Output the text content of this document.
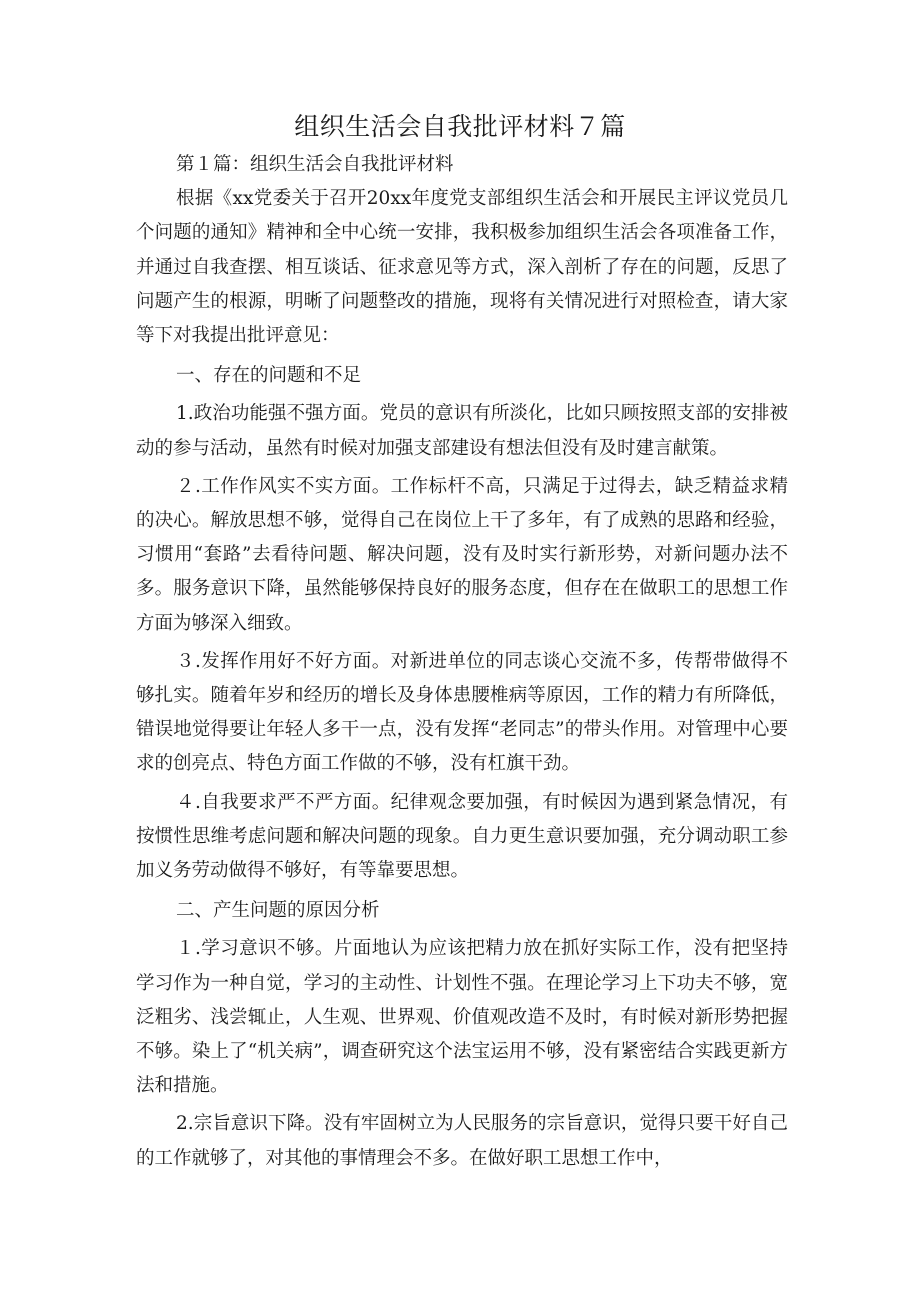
组织生活会自我批评材料７篇

第１篇：组织生活会自我批评材料

根据《xx党委关于召开20xx年度党支部组织生活会和开展民主评议党员几个问题的通知》精神和全中心统一安排，我积极参加组织生活会各项准备工作，并通过自我查摆、相互谈话、征求意见等方式，深入剖析了存在的问题，反思了问题产生的根源，明晰了问题整改的措施，现将有关情况进行对照检查，请大家等下对我提出批评意见：

一、存在的问题和不足

1.政治功能强不强方面。党员的意识有所淡化，比如只顾按照支部的安排被动的参与活动，虽然有时候对加强支部建设有想法但没有及时建言献策。

２.工作作风实不实方面。工作标杆不高，只满足于过得去，缺乏精益求精的决心。解放思想不够，觉得自己在岗位上干了多年，有了成熟的思路和经验，习惯用“套路”去看待问题、解决问题，没有及时实行新形势，对新问题办法不多。服务意识下降，虽然能够保持良好的服务态度，但存在在做职工的思想工作方面为够深入细致。

３.发挥作用好不好方面。对新进单位的同志谈心交流不多，传帮带做得不够扎实。随着年岁和经历的增长及身体患腰椎病等原因，工作的精力有所降低，错误地觉得要让年轻人多干一点，没有发挥“老同志”的带头作用。对管理中心要求的创亮点、特色方面工作做的不够，没有杠旗干劲。

４.自我要求严不严方面。纪律观念要加强，有时候因为遇到紧急情况，有按惯性思维考虑问题和解决问题的现象。自力更生意识要加强，充分调动职工参加义务劳动做得不够好，有等靠要思想。

二、产生问题的原因分析

１.学习意识不够。片面地认为应该把精力放在抓好实际工作，没有把坚持学习作为一种自觉，学习的主动性、计划性不强。在理论学习上下功夫不够，宽泛粗劣、浅尝辄止，人生观、世界观、价值观改造不及时，有时候对新形势把握不够。染上了“机关病”，调查研究这个法宝运用不够，没有紧密结合实践更新方法和措施。

2.宗旨意识下降。没有牢固树立为人民服务的宗旨意识，觉得只要干好自己的工作就够了，对其他的事情理会不多。在做好职工思想工作中，
